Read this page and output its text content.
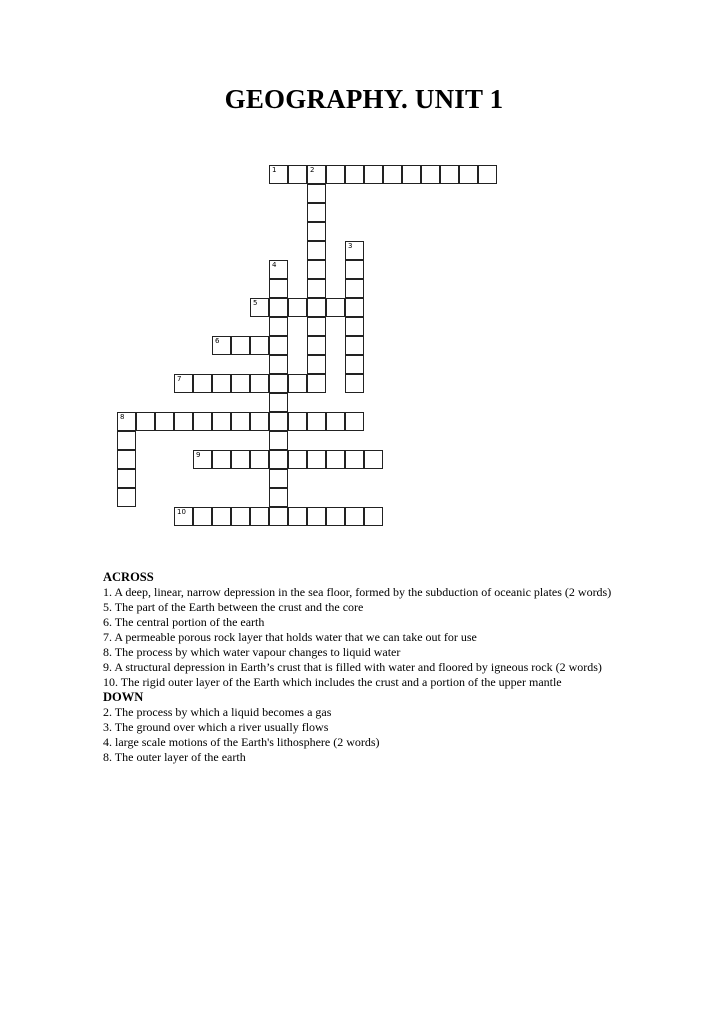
GEOGRAPHY. UNIT 1
1	2
3
4
5
6
7
8
9
10
ACROSS

1. A deep, linear, narrow depression in the sea floor, formed by the subduction of oceanic plates (2 words)

5. The part of the Earth between the crust and the core

6. The central portion of the earth

7. A permeable porous rock layer that holds water that we can take out for use

8. The process by which water vapour changes to liquid water

9. A structural depression in Earth’s crust that is filled with water and floored by igneous rock (2 words)

10. The rigid outer layer of the Earth which includes the crust and a portion of the upper mantle

DOWN

2. The process by which a liquid becomes a gas

3. The ground over which a river usually flows

4. large scale motions of the Earth's lithosphere (2 words)

8. The outer layer of the earth
